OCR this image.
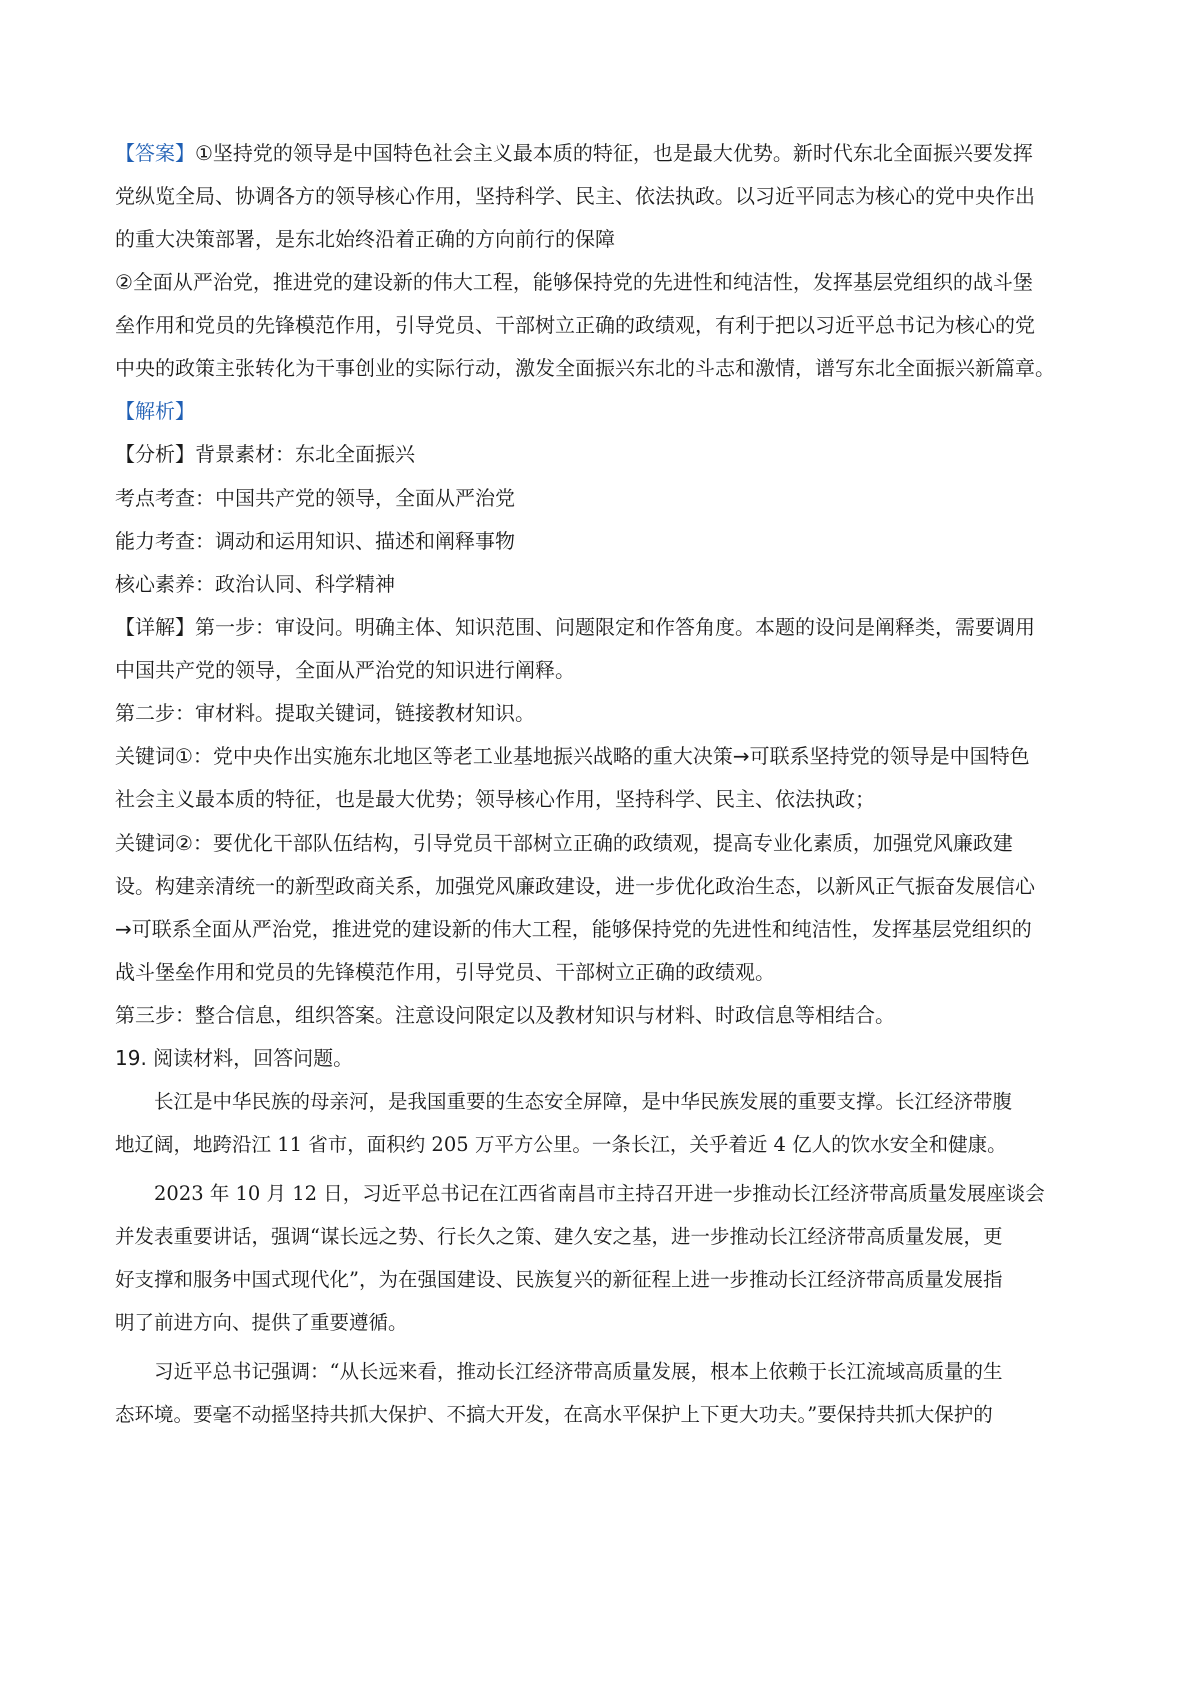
【答案】①坚持党的领导是中国特色社会主义最本质的特征，也是最大优势。新时代东北全面振兴要发挥
党纵览全局、协调各方的领导核心作用，坚持科学、民主、依法执政。以习近平同志为核心的党中央作出
的重大决策部署，是东北始终沿着正确的方向前行的保障
②全面从严治党，推进党的建设新的伟大工程，能够保持党的先进性和纯洁性，发挥基层党组织的战斗堡
垒作用和党员的先锋模范作用，引导党员、干部树立正确的政绩观，有利于把以习近平总书记为核心的党
中央的政策主张转化为干事创业的实际行动，激发全面振兴东北的斗志和激情，谱写东北全面振兴新篇章。
【解析】
【分析】背景素材：东北全面振兴
考点考查：中国共产党的领导，全面从严治党
能力考查：调动和运用知识、描述和阐释事物
核心素养：政治认同、科学精神
【详解】第一步：审设问。明确主体、知识范围、问题限定和作答角度。本题的设问是阐释类，需要调用
中国共产党的领导，全面从严治党的知识进行阐释。
第二步：审材料。提取关键词，链接教材知识。
关键词①：党中央作出实施东北地区等老工业基地振兴战略的重大决策→可联系坚持党的领导是中国特色
社会主义最本质的特征，也是最大优势；领导核心作用，坚持科学、民主、依法执政；
关键词②：要优化干部队伍结构，引导党员干部树立正确的政绩观，提高专业化素质，加强党风廉政建
设。构建亲清统一的新型政商关系，加强党风廉政建设，进一步优化政治生态，以新风正气振奋发展信心
→可联系全面从严治党，推进党的建设新的伟大工程，能够保持党的先进性和纯洁性，发挥基层党组织的
战斗堡垒作用和党员的先锋模范作用，引导党员、干部树立正确的政绩观。
第三步：整合信息，组织答案。注意设问限定以及教材知识与材料、时政信息等相结合。
19. 阅读材料，回答问题。
　　长江是中华民族的母亲河，是我国重要的生态安全屏障，是中华民族发展的重要支撑。长江经济带腹
地辽阔，地跨沿江 11 省市，面积约 205 万平方公里。一条长江，关乎着近 4 亿人的饮水安全和健康。
　　2023 年 10 月 12 日，习近平总书记在江西省南昌市主持召开进一步推动长江经济带高质量发展座谈会
并发表重要讲话，强调“谋长远之势、行长久之策、建久安之基，进一步推动长江经济带高质量发展，更
好支撑和服务中国式现代化”，为在强国建设、民族复兴的新征程上进一步推动长江经济带高质量发展指
明了前进方向、提供了重要遵循。
　　习近平总书记强调：“从长远来看，推动长江经济带高质量发展，根本上依赖于长江流域高质量的生
态环境。要毫不动摇坚持共抓大保护、不搞大开发，在高水平保护上下更大功夫。”要保持共抓大保护的
